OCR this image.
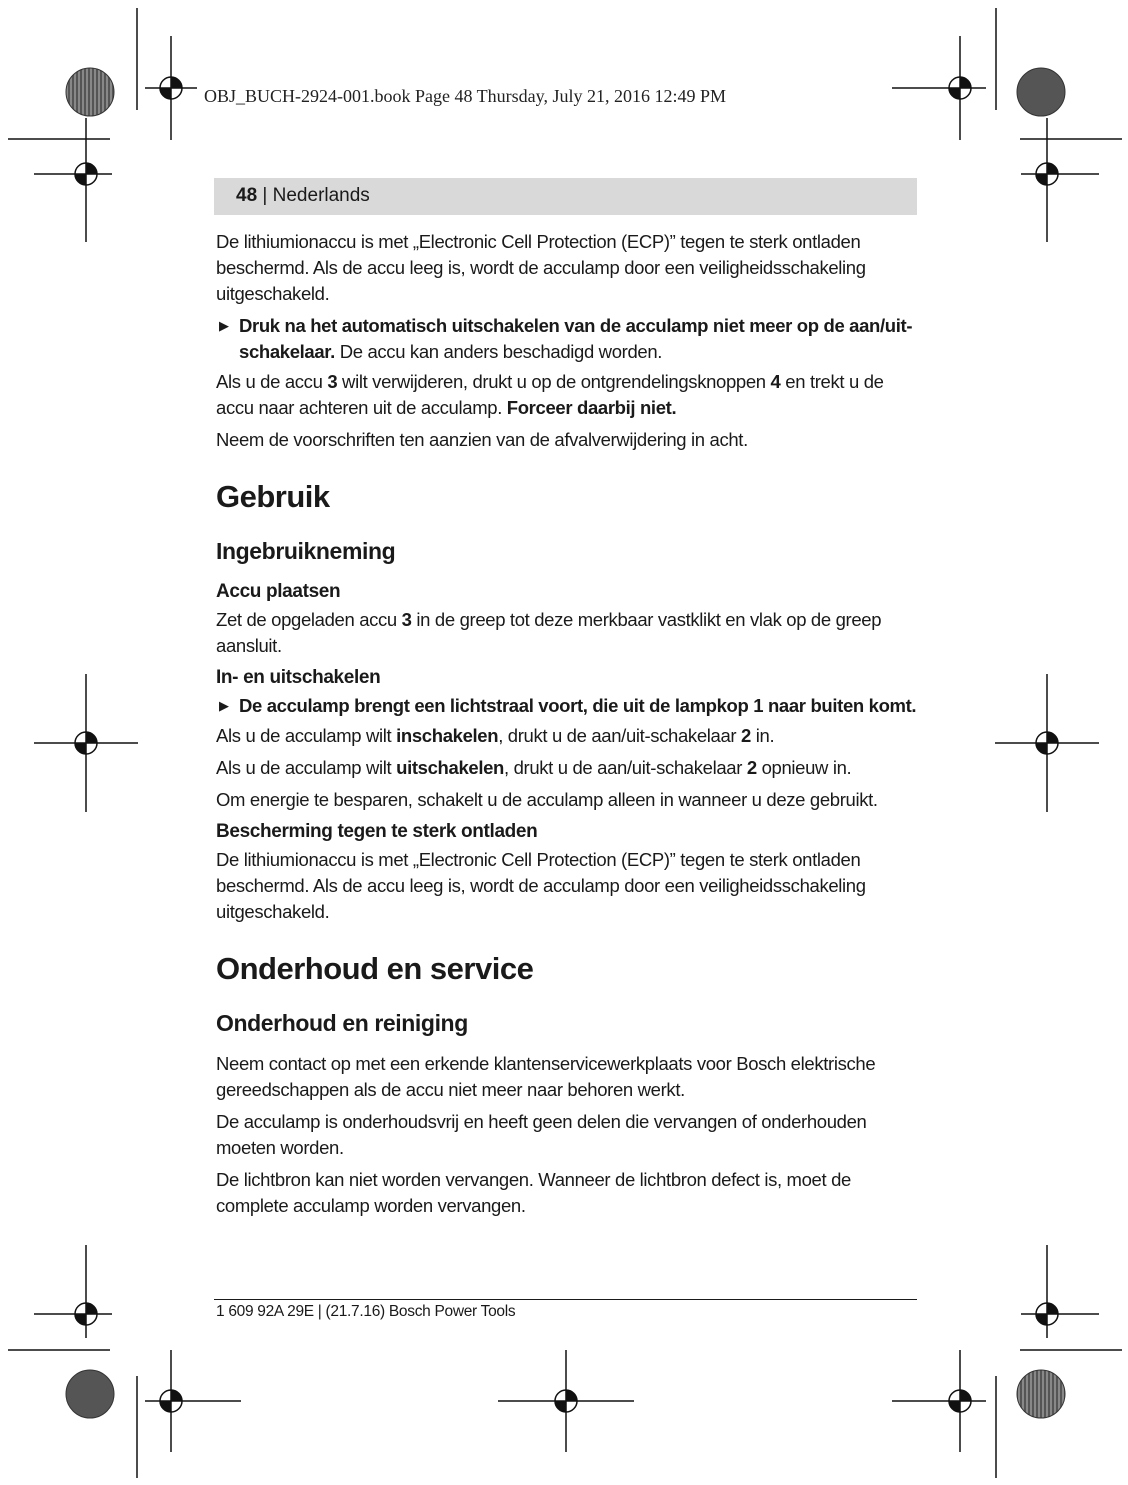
OBJ_BUCH-2924-001.book Page 48 Thursday, July 21, 2016 12:49 PM
48 | Nederlands

De lithiumionaccu is met „Electronic Cell Protection (ECP)” tegen te sterk ontladen beschermd. Als de accu leeg is, wordt de acculamp door een veiligheidsschakeling uitgeschakeld.

▶ Druk na het automatisch uitschakelen van de acculamp niet meer op de aan/uit-schakelaar. De accu kan anders beschadigd worden.

Als u de accu 3 wilt verwijderen, drukt u op de ontgrendelingsknoppen 4 en trekt u de accu naar achteren uit de acculamp. Forceer daarbij niet.

Neem de voorschriften ten aanzien van de afvalverwijdering in acht.

Gebruik
Ingebruikneming
Accu plaatsen

Zet de opgeladen accu 3 in de greep tot deze merkbaar vastklikt en vlak op de greep aansluit.

In- en uitschakelen

▶ De acculamp brengt een lichtstraal voort, die uit de lampkop 1 naar buiten komt.

Als u de acculamp wilt inschakelen, drukt u de aan/uit-schakelaar 2 in.

Als u de acculamp wilt uitschakelen, drukt u de aan/uit-schakelaar 2 opnieuw in.

Om energie te besparen, schakelt u de acculamp alleen in wanneer u deze gebruikt.

Bescherming tegen te sterk ontladen

De lithiumionaccu is met „Electronic Cell Protection (ECP)” tegen te sterk ontladen beschermd. Als de accu leeg is, wordt de acculamp door een veiligheidsschakeling uitgeschakeld.

Onderhoud en service
Onderhoud en reiniging

Neem contact op met een erkende klantenservicewerkplaats voor Bosch elektrische gereedschappen als de accu niet meer naar behoren werkt.

De acculamp is onderhoudsvrij en heeft geen delen die vervangen of onderhouden moeten worden.

De lichtbron kan niet worden vervangen. Wanneer de lichtbron defect is, moet de complete acculamp worden vervangen.

1 609 92A 29E | (21.7.16) Bosch Power Tools
